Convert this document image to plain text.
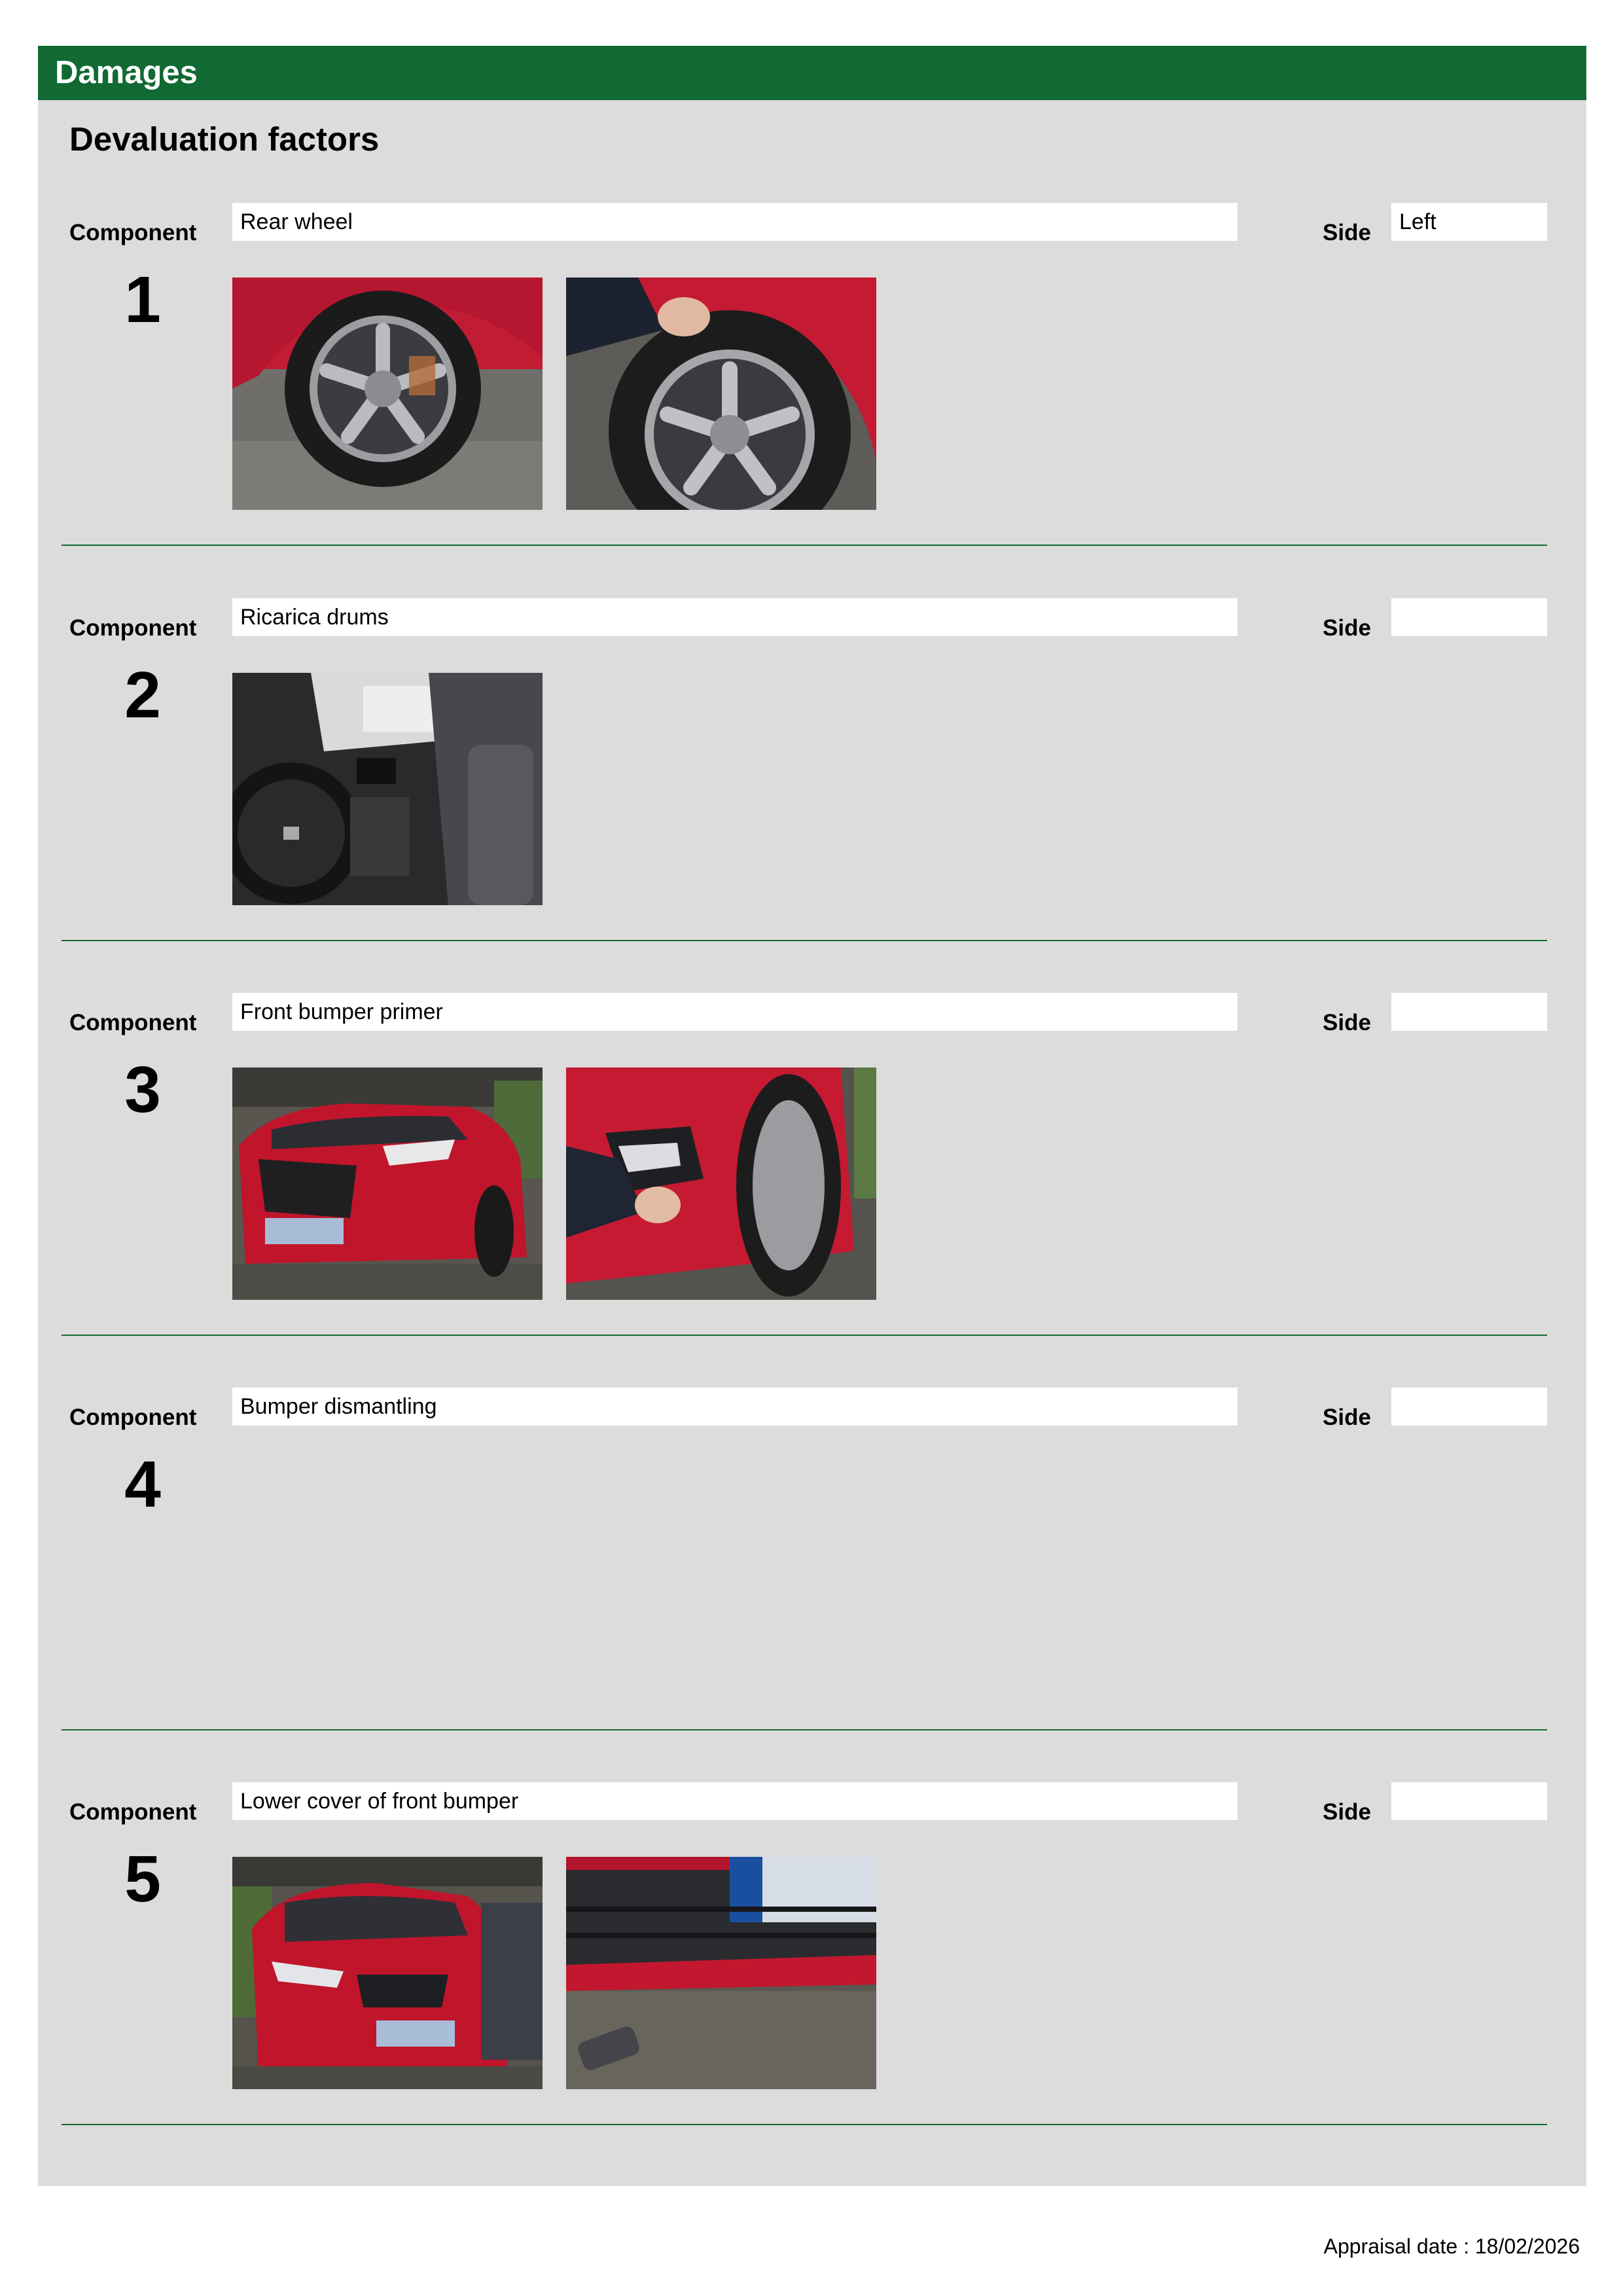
Damages
Devaluation factors
Component	Rear wheel	Side	Left
1
Component	Ricarica drums	Side
2
Component	Front bumper primer	Side
3
Component	Bumper dismantling	Side
4
Component	Lower cover of front bumper	Side
5
Appraisal date : 18/02/2026
